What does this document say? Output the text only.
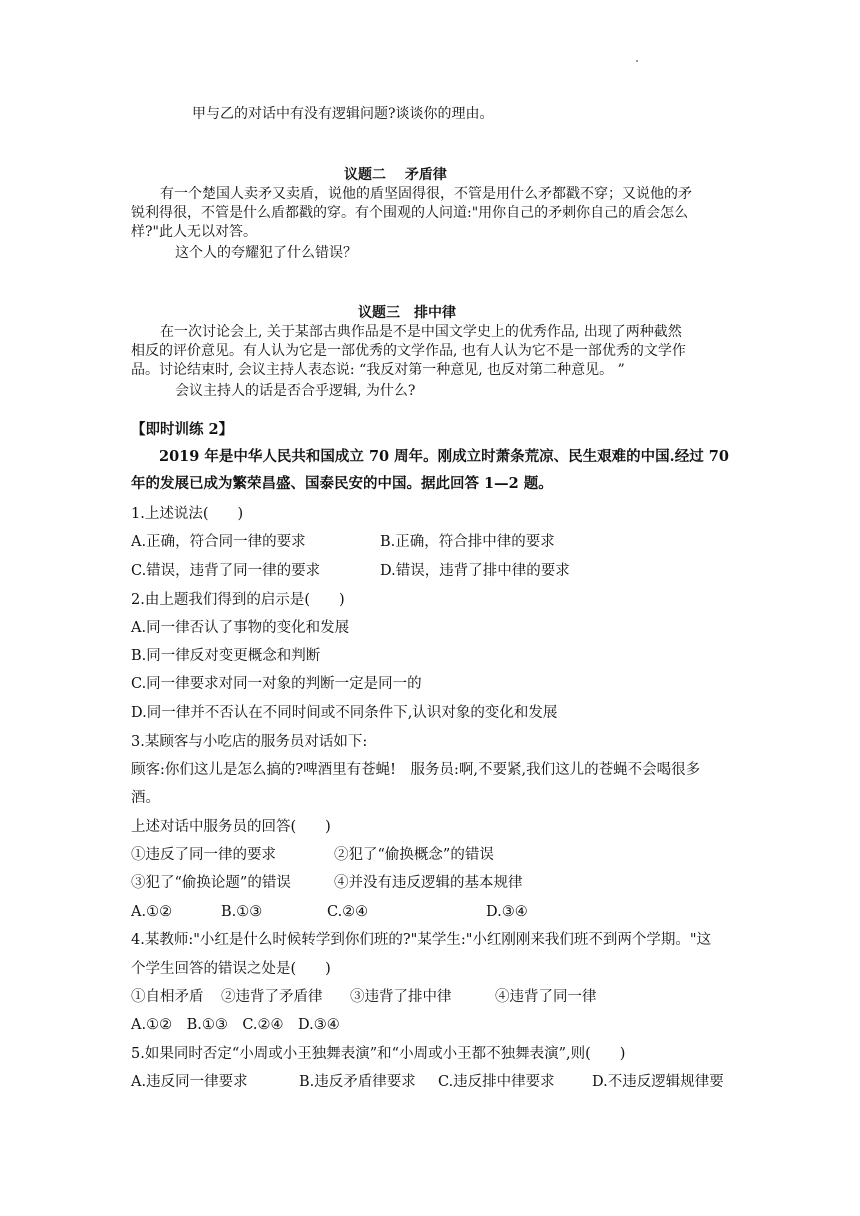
甲与乙的对话中有没有逻辑问题?谈谈你的理由。
议题二　 矛盾律
有一个楚国人卖矛又卖盾，说他的盾坚固得很，不管是用什么矛都戳不穿；又说他的矛
锐利得很，不管是什么盾都戳的穿。有个围观的人问道:"用你自己的矛刺你自己的盾会怎么
样?"此人无以对答。
这个人的夸耀犯了什么错误？
议题三　排中律
在一次讨论会上, 关于某部古典作品是不是中国文学史上的优秀作品, 出现了两种截然
相反的评价意见。有人认为它是一部优秀的文学作品, 也有人认为它不是一部优秀的文学作
品。讨论结束时, 会议主持人表态说: “我反对第一种意见, 也反对第二种意见。 ”
会议主持人的话是否合乎逻辑, 为什么?
【即时训练 2】
2019 年是中华人民共和国成立 70 周年。刚成立时萧条荒凉、民生艰难的中国.经过 70
年的发展已成为繁荣昌盛、国泰民安的中国。据此回答 1—2 题。
1.上述说法(　　)
A.正确，符合同一律的要求	B.正确，符合排中律的要求
C.错误，违背了同一律的要求	D.错误，违背了排中律的要求
2.由上题我们得到的启示是(　　)
A.同一律否认了事物的变化和发展
B.同一律反对变更概念和判断
C.同一律要求对同一对象的判断一定是同一的
D.同一律并不否认在不同时间或不同条件下,认识对象的变化和发展
3.某顾客与小吃店的服务员对话如下:
顾客:你们这儿是怎么搞的?啤酒里有苍蝇!　服务员:啊,不要紧,我们这儿的苍蝇不会喝很多
酒。
上述对话中服务员的回答(　　)
①违反了同一律的要求	②犯了“偷换概念”的错误
③犯了“偷换论题”的错误	④并没有违反逻辑的基本规律
A.①②	B.①③	C.②④	D.③④
4.某教师:"小红是什么时候转学到你们班的?"某学生:"小红刚刚来我们班不到两个学期。"这
个学生回答的错误之处是(　　)
①自相矛盾 ②违背了矛盾律 ③违背了排中律	④违背了同一律
A.①②　B.①③　C.②④　D.③④
5.如果同时否定“小周或小王独舞表演”和“小周或小王都不独舞表演”,则(　　)
A.违反同一律要求	B.违反矛盾律要求 C.违反排中律要求	D.不违反逻辑规律要
